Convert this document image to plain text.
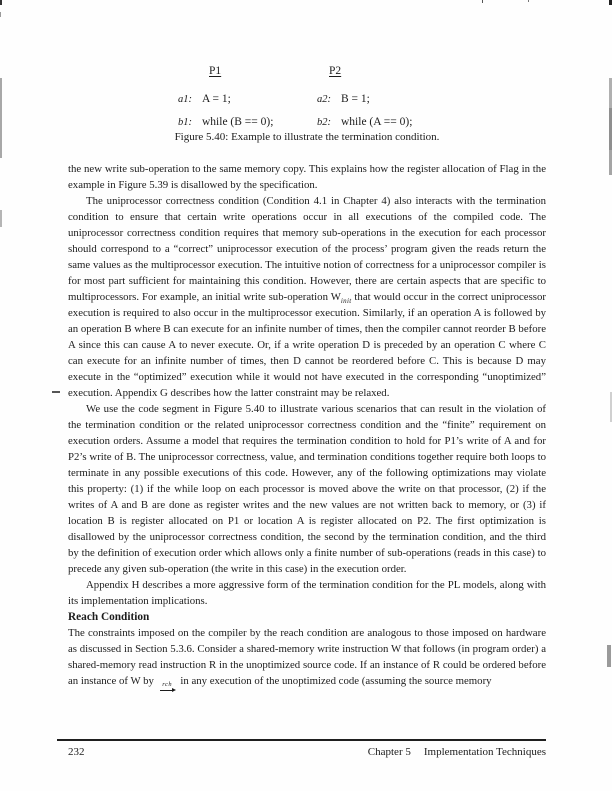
P1
a1: A = 1;
b1: while (B == 0);
P2
a2: B = 1;
b2: while (A == 0);
Figure 5.40: Example to illustrate the termination condition.

the new write sub-operation to the same memory copy. This explains how the register allocation of Flag in the example in Figure 5.39 is disallowed by the specification.

The uniprocessor correctness condition (Condition 4.1 in Chapter 4) also interacts with the termination condition to ensure that certain write operations occur in all executions of the compiled code. The uniprocessor correctness condition requires that memory sub-operations in the execution for each processor should correspond to a “correct” uniprocessor execution of the process’ program given the reads return the same values as the multiprocessor execution. The intuitive notion of correctness for a uniprocessor compiler is for most part sufficient for maintaining this condition. However, there are certain aspects that are specific to multiprocessors. For example, an initial write sub-operation $W_{init}$ that would occur in the correct uniprocessor execution is required to also occur in the multiprocessor execution. Similarly, if an operation A is followed by an operation B where B can execute for an infinite number of times, then the compiler cannot reorder B before A since this can cause A to never execute. Or, if a write operation D is preceded by an operation C where C can execute for an infinite number of times, then D cannot be reordered before C. This is because D may execute in the “optimized” execution while it would not have executed in the corresponding “unoptimized” execution. Appendix G describes how the latter constraint may be relaxed.

We use the code segment in Figure 5.40 to illustrate various scenarios that can result in the violation of the termination condition or the related uniprocessor correctness condition and the “finite” requirement on execution orders. Assume a model that requires the termination condition to hold for P1’s write of A and for P2’s write of B. The uniprocessor correctness, value, and termination conditions together require both loops to terminate in any possible executions of this code. However, any of the following optimizations may violate this property: (1) if the while loop on each processor is moved above the write on that processor, (2) if the writes of A and B are done as register writes and the new values are not written back to memory, or (3) if location B is register allocated on P1 or location A is register allocated on P2. The first optimization is disallowed by the uniprocessor correctness condition, the second by the termination condition, and the third by the definition of execution order which allows only a finite number of sub-operations (reads in this case) to precede any given sub-operation (the write in this case) in the execution order.

Appendix H describes a more aggressive form of the termination condition for the PL models, along with its implementation implications.

Reach Condition

The constraints imposed on the compiler by the reach condition are analogous to those imposed on hardware as discussed in Section 5.3.6. Consider a shared-memory write instruction W that follows (in program order) a shared-memory read instruction R in the unoptimized source code. If an instance of R could be ordered before an instance of W by rch in any execution of the unoptimized code (assuming the source memory

232	Chapter 5 Implementation Techniques
